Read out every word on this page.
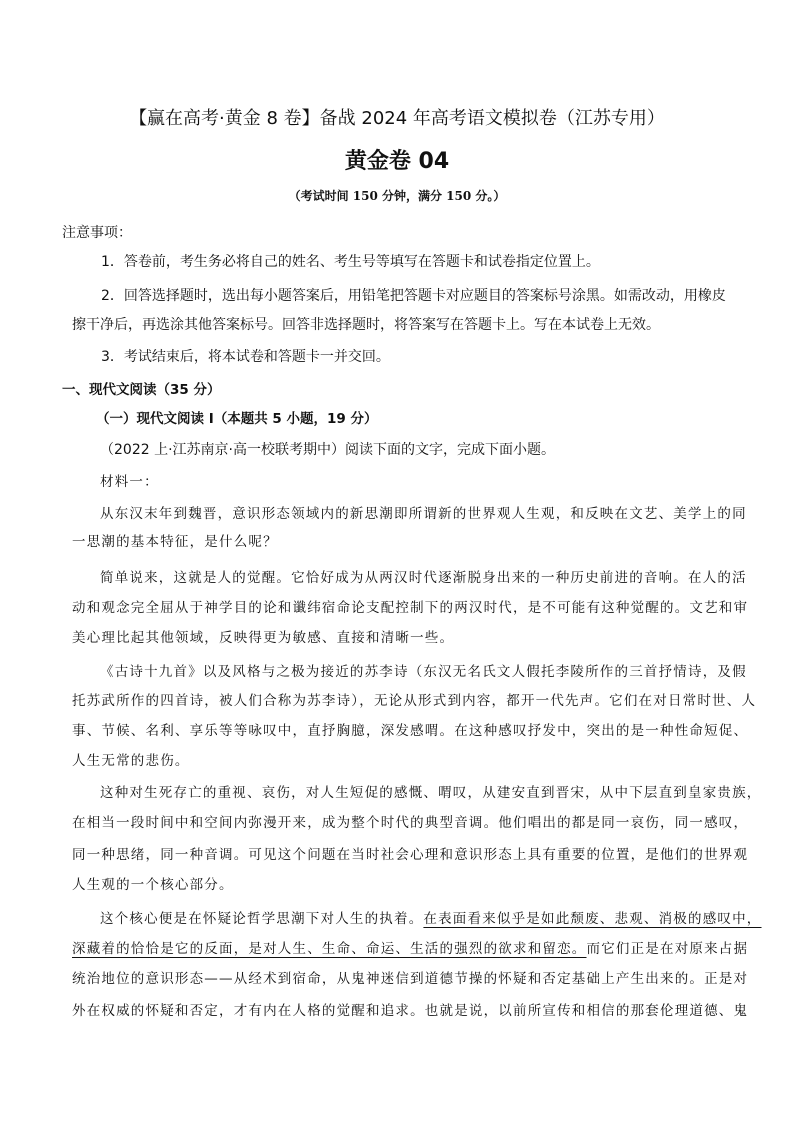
【赢在高考·黄金 8 卷】备战 2024 年高考语文模拟卷（江苏专用）
黄金卷 04
（考试时间 150 分钟，满分 150 分。）
注意事项：
1．答卷前，考生务必将自己的姓名、考生号等填写在答题卡和试卷指定位置上。
2．回答选择题时，选出每小题答案后，用铅笔把答题卡对应题目的答案标号涂黑。如需改动，用橡皮
擦干净后，再选涂其他答案标号。回答非选择题时，将答案写在答题卡上。写在本试卷上无效。
3．考试结束后，将本试卷和答题卡一并交回。
一、现代文阅读（35 分）
（一）现代文阅读 I（本题共 5 小题，19 分）
（2022 上·江苏南京·高一校联考期中）阅读下面的文字，完成下面小题。
材料一：
从东汉末年到魏晋，意识形态领域内的新思潮即所谓新的世界观人生观，和反映在文艺、美学上的同
一思潮的基本特征，是什么呢？
简单说来，这就是人的觉醒。它恰好成为从两汉时代逐渐脱身出来的一种历史前进的音响。在人的活
动和观念完全屈从于神学目的论和谶纬宿命论支配控制下的两汉时代，是不可能有这种觉醒的。文艺和审
美心理比起其他领域，反映得更为敏感、直接和清晰一些。
《古诗十九首》以及风格与之极为接近的苏李诗（东汉无名氏文人假托李陵所作的三首抒情诗，及假
托苏武所作的四首诗，被人们合称为苏李诗），无论从形式到内容，都开一代先声。它们在对日常时世、人
事、节候、名利、享乐等等咏叹中，直抒胸臆，深发感喟。在这种感叹抒发中，突出的是一种性命短促、
人生无常的悲伤。
这种对生死存亡的重视、哀伤，对人生短促的感慨、喟叹，从建安直到晋宋，从中下层直到皇家贵族，
在相当一段时间中和空间内弥漫开来，成为整个时代的典型音调。他们唱出的都是同一哀伤，同一感叹，
同一种思绪，同一种音调。可见这个问题在当时社会心理和意识形态上具有重要的位置，是他们的世界观
人生观的一个核心部分。
这个核心便是在怀疑论哲学思潮下对人生的执着。在表面看来似乎是如此颓废、悲观、消极的感叹中，
深藏着的恰恰是它的反面，是对人生、生命、命运、生活的强烈的欲求和留恋。而它们正是在对原来占据
统治地位的意识形态——从经术到宿命，从鬼神迷信到道德节操的怀疑和否定基础上产生出来的。正是对
外在权威的怀疑和否定，才有内在人格的觉醒和追求。也就是说，以前所宣传和相信的那套伦理道德、鬼
